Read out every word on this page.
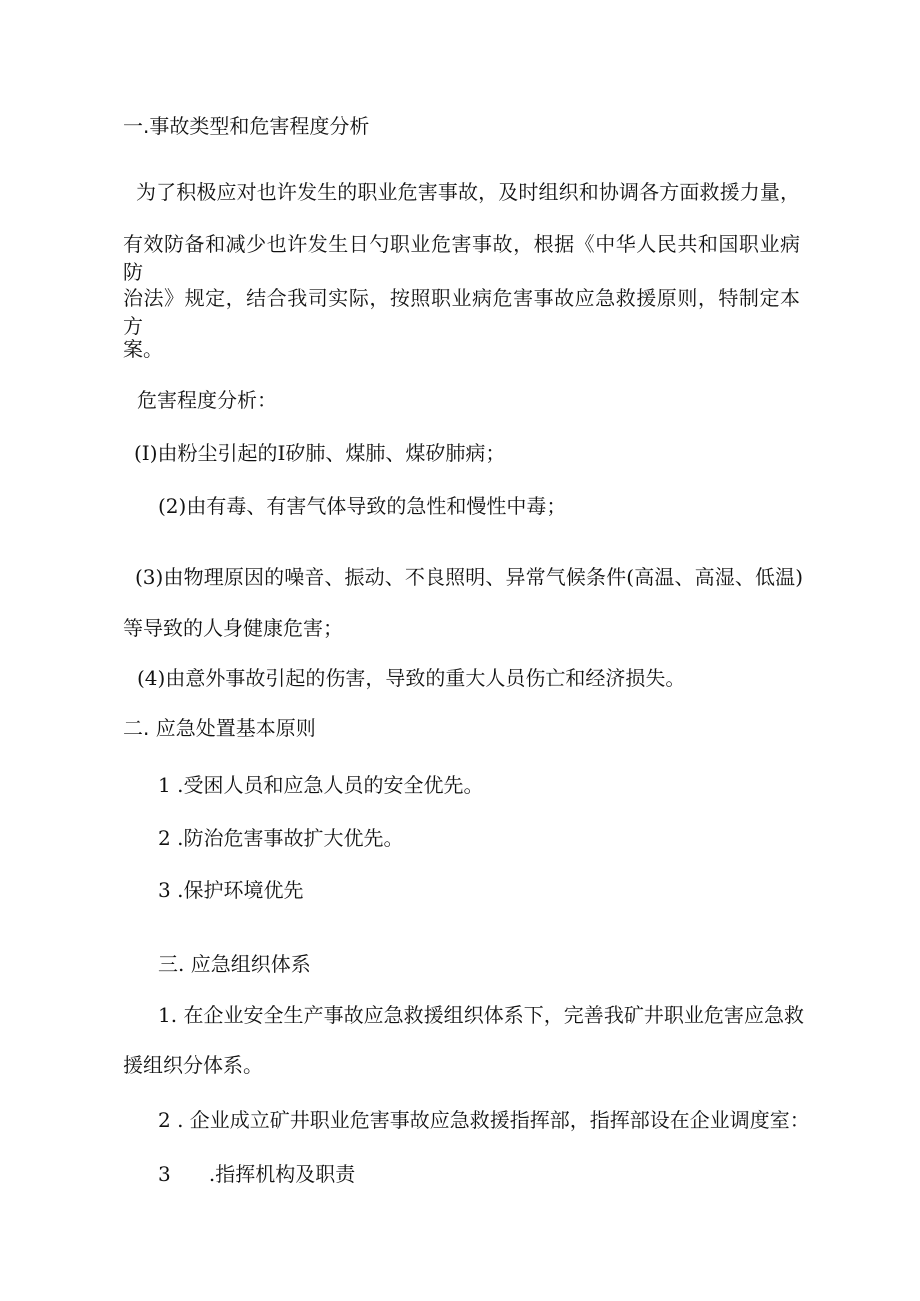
一.事故类型和危害程度分析
为了积极应对也许发生的职业危害事故，及时组织和协调各方面救援力量，
有效防备和减少也许发生日勺职业危害事故，根据《中华人民共和国职业病防
治法》规定，结合我司实际，按照职业病危害事故应急救援原则，特制定本方
案。
危害程度分析：
(I)由粉尘引起的I矽肺、煤肺、煤矽肺病；
(2)由有毒、有害气体导致的急性和慢性中毒；
(3)由物理原因的噪音、振动、不良照明、异常气候条件(高温、高湿、低温)
等导致的人身健康危害；
(4)由意外事故引起的伤害，导致的重大人员伤亡和经济损失。
二. 应急处置基本原则
1 .受困人员和应急人员的安全优先。
2 .防治危害事故扩大优先。
3 .保护环境优先
三. 应急组织体系
1. 在企业安全生产事故应急救援组织体系下，完善我矿井职业危害应急救
援组织分体系。
2 . 企业成立矿井职业危害事故应急救援指挥部，指挥部设在企业调度室：
3      .指挥机构及职责
